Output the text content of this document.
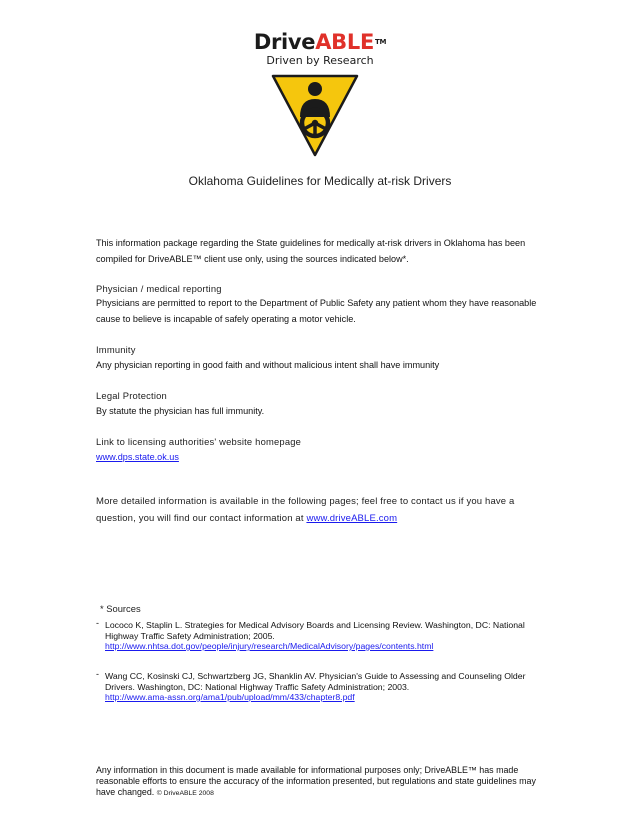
DriveABLE™
Driven by Research
Oklahoma Guidelines for Medically at-risk Drivers
This information package regarding the State guidelines for medically at-risk drivers in Oklahoma has been compiled for DriveABLE™ client use only, using the sources indicated below*.
Physician / medical reporting
Physicians are permitted to report to the Department of Public Safety any patient whom they have reasonable cause to believe is incapable of safely operating a motor vehicle.
Immunity
Any physician reporting in good faith and without malicious intent shall have immunity
Legal Protection
By statute the physician has full immunity.
Link to licensing authorities' website homepage
www.dps.state.ok.us
More detailed information is available in the following pages; feel free to contact us if you have a question, you will find our contact information at www.driveABLE.com
* Sources
- Lococo K, Staplin L. Strategies for Medical Advisory Boards and Licensing Review. Washington, DC: National Highway Traffic Safety Administration; 2005.
http://www.nhtsa.dot.gov/people/injury/research/MedicalAdvisory/pages/contents.html
- Wang CC, Kosinski CJ, Schwartzberg JG, Shanklin AV. Physician's Guide to Assessing and Counseling Older Drivers. Washington, DC: National Highway Traffic Safety Administration; 2003.
http://www.ama-assn.org/ama1/pub/upload/mm/433/chapter8.pdf
Any information in this document is made available for informational purposes only; DriveABLE™ has made reasonable efforts to ensure the accuracy of the information presented, but regulations and state guidelines may have changed. © DriveABLE 2008
